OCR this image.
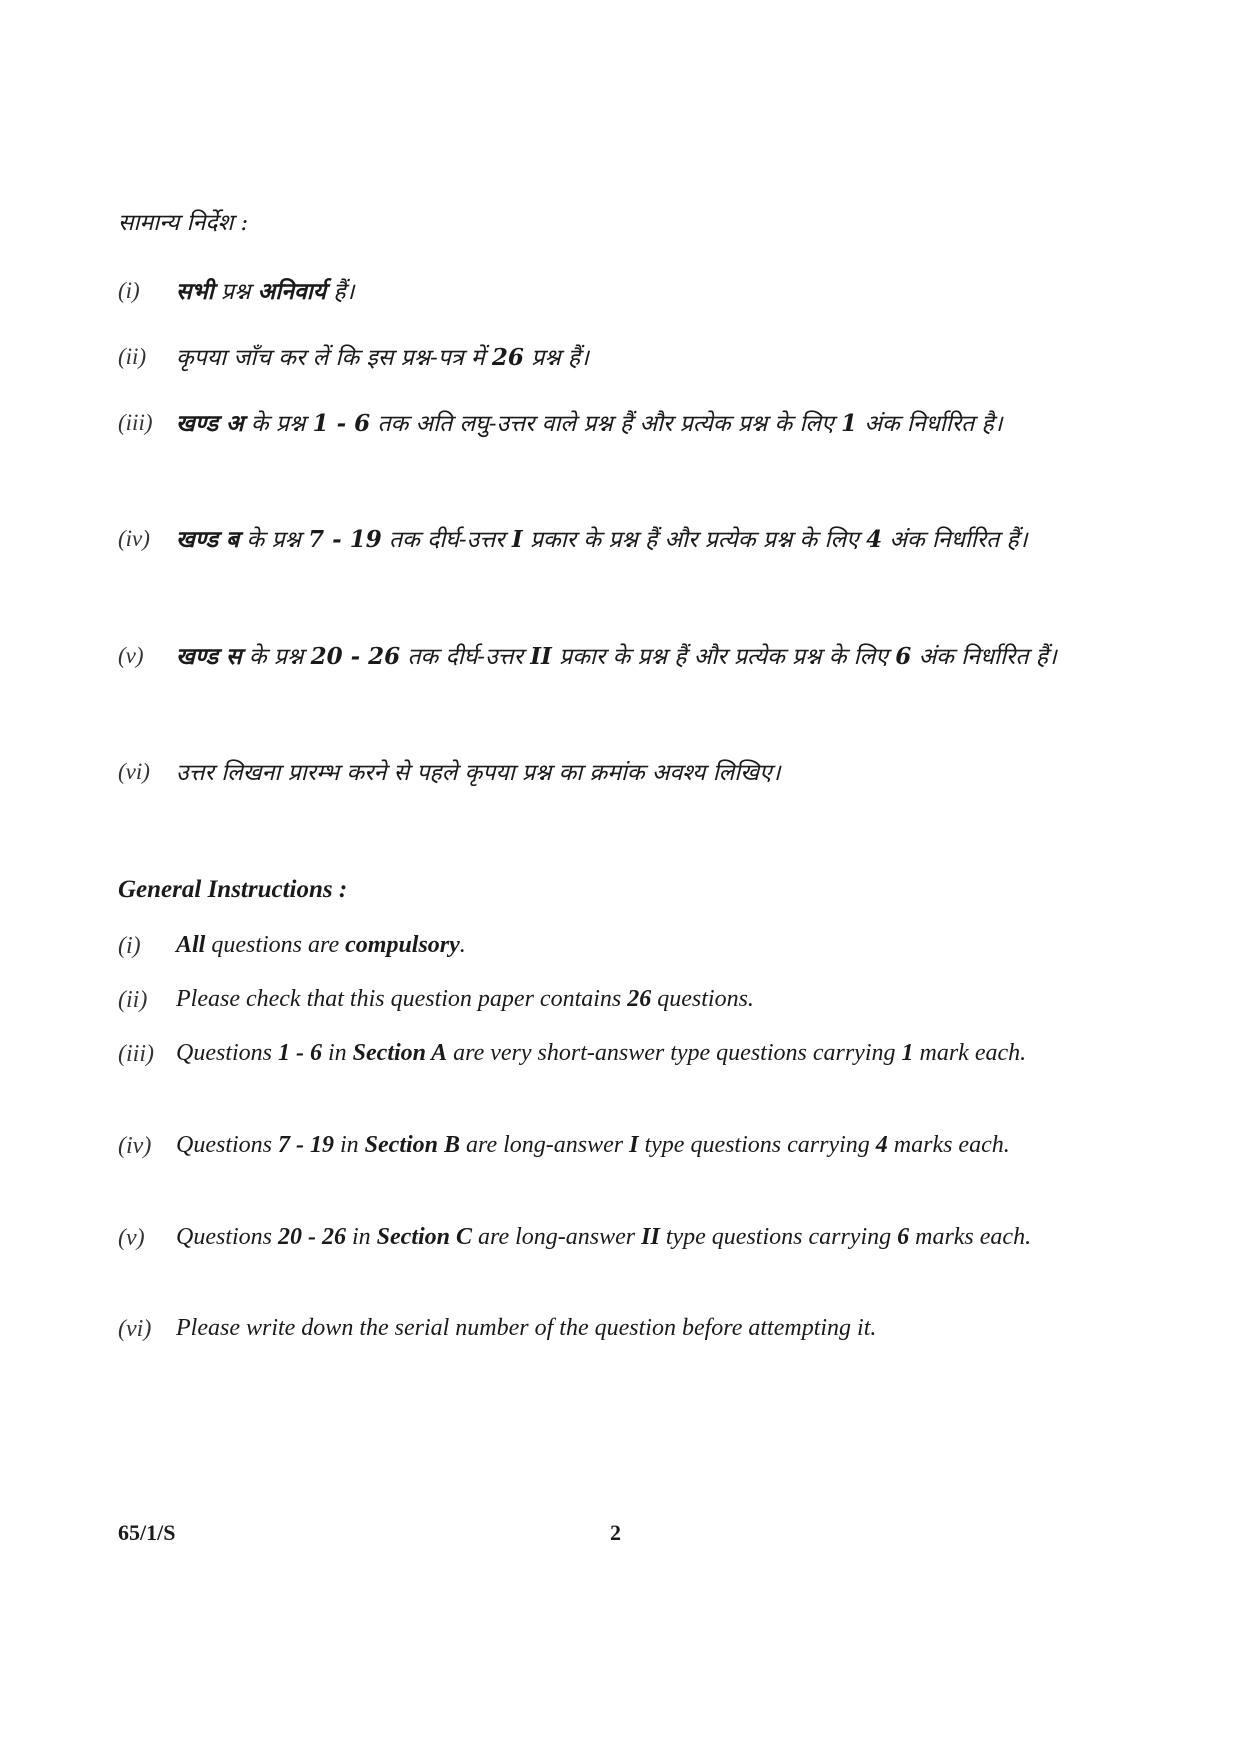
सामान्य निर्देश :
(i) सभी प्रश्न अनिवार्य हैं।
(ii) कृपया जाँच कर लें कि इस प्रश्न-पत्र में 26 प्रश्न हैं।
(iii) खण्ड अ के प्रश्न 1 - 6 तक अति लघु-उत्तर वाले प्रश्न हैं और प्रत्येक प्रश्न के लिए 1 अंक निर्धारित है।
(iv) खण्ड ब के प्रश्न 7 - 19 तक दीर्घ-उत्तर I प्रकार के प्रश्न हैं और प्रत्येक प्रश्न के लिए 4 अंक निर्धारित हैं।
(v) खण्ड स के प्रश्न 20 - 26 तक दीर्घ-उत्तर II प्रकार के प्रश्न हैं और प्रत्येक प्रश्न के लिए 6 अंक निर्धारित हैं।
(vi) उत्तर लिखना प्रारम्भ करने से पहले कृपया प्रश्न का क्रमांक अवश्य लिखिए।
General Instructions :
(i) All questions are compulsory.
(ii) Please check that this question paper contains 26 questions.
(iii) Questions 1 - 6 in Section A are very short-answer type questions carrying 1 mark each.
(iv) Questions 7 - 19 in Section B are long-answer I type questions carrying 4 marks each.
(v) Questions 20 - 26 in Section C are long-answer II type questions carrying 6 marks each.
(vi) Please write down the serial number of the question before attempting it.
65/1/S	2
